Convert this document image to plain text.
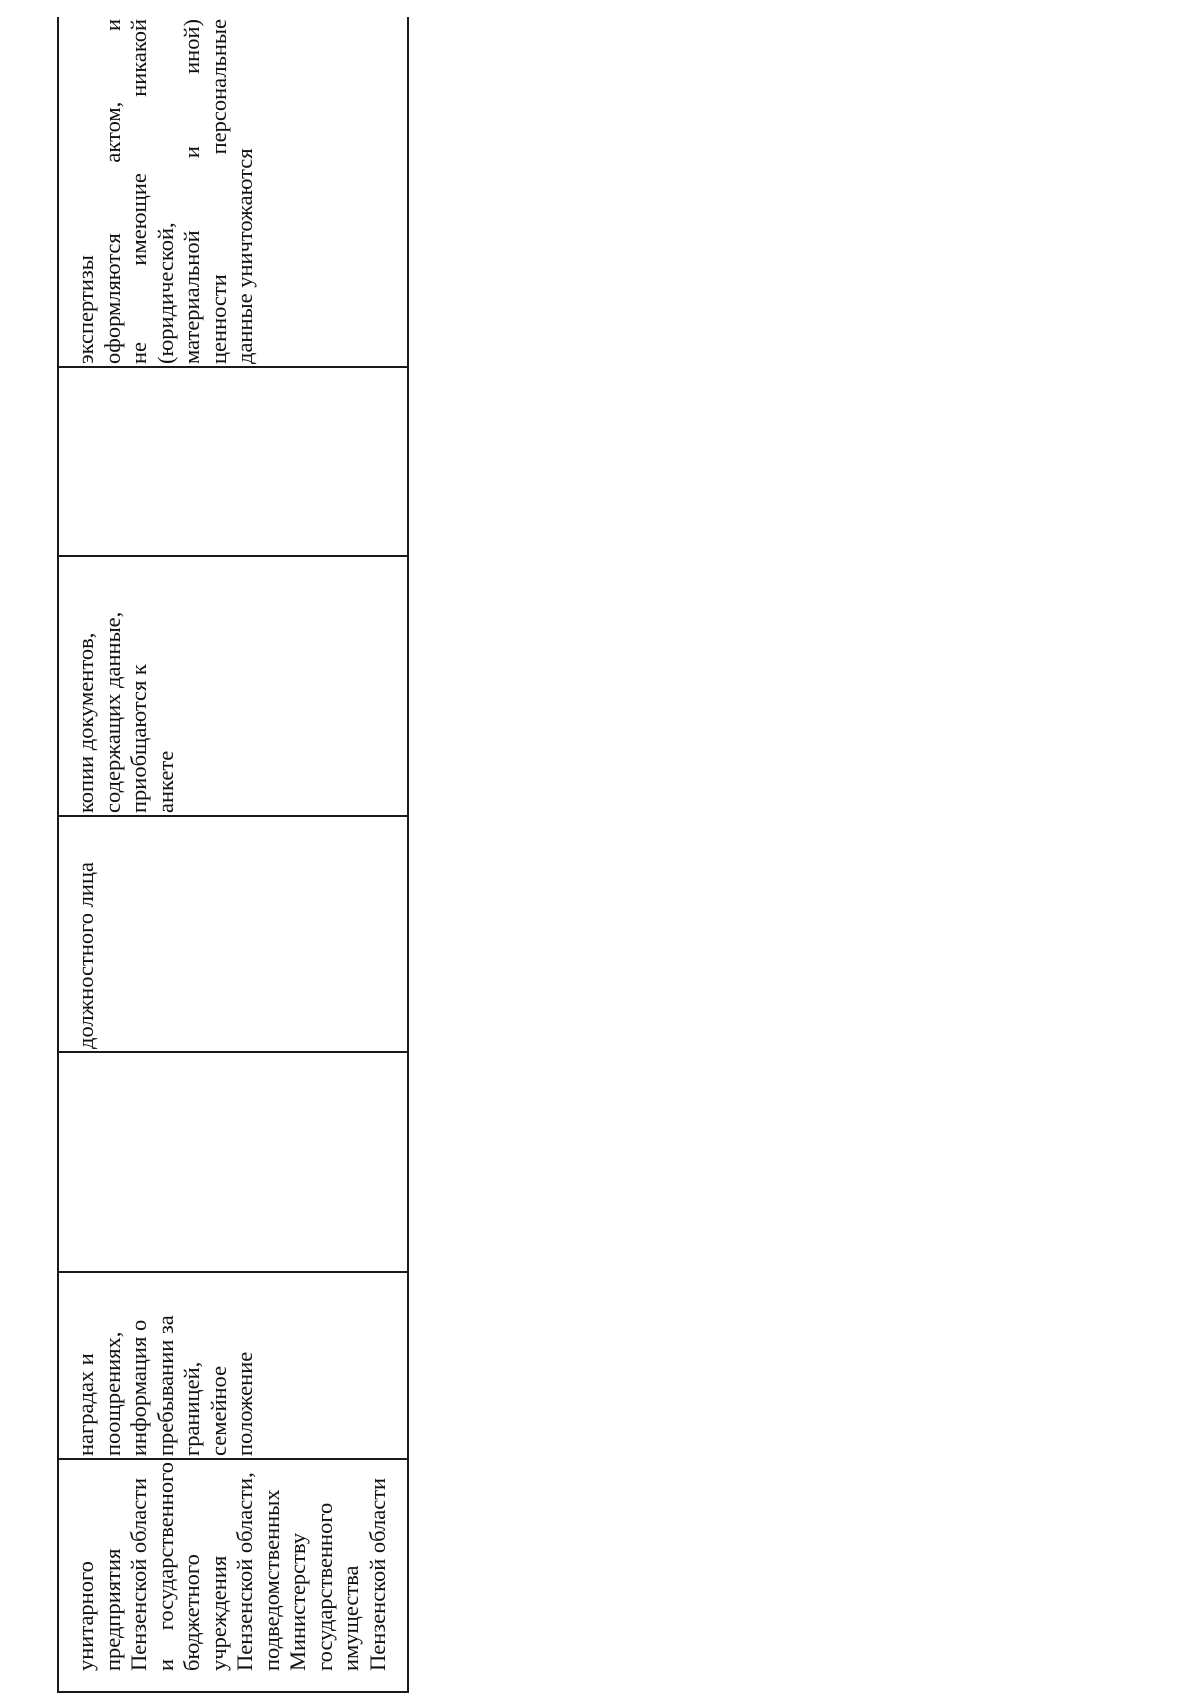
унитарного предприятия Пензенской области и государственного бюджетного учреждения Пензенской области, подведомственных Министерству государственного имущества Пензенской области
наградах и поощрениях, информация о пребывании за границей, семейное положение
должностного лица
копии документов, содержащих данные, приобщаются к анкете
экспертизы оформляются актом, и не имеющие никакой (юридической, материальной и иной) ценности персональные данные уничтожаются
